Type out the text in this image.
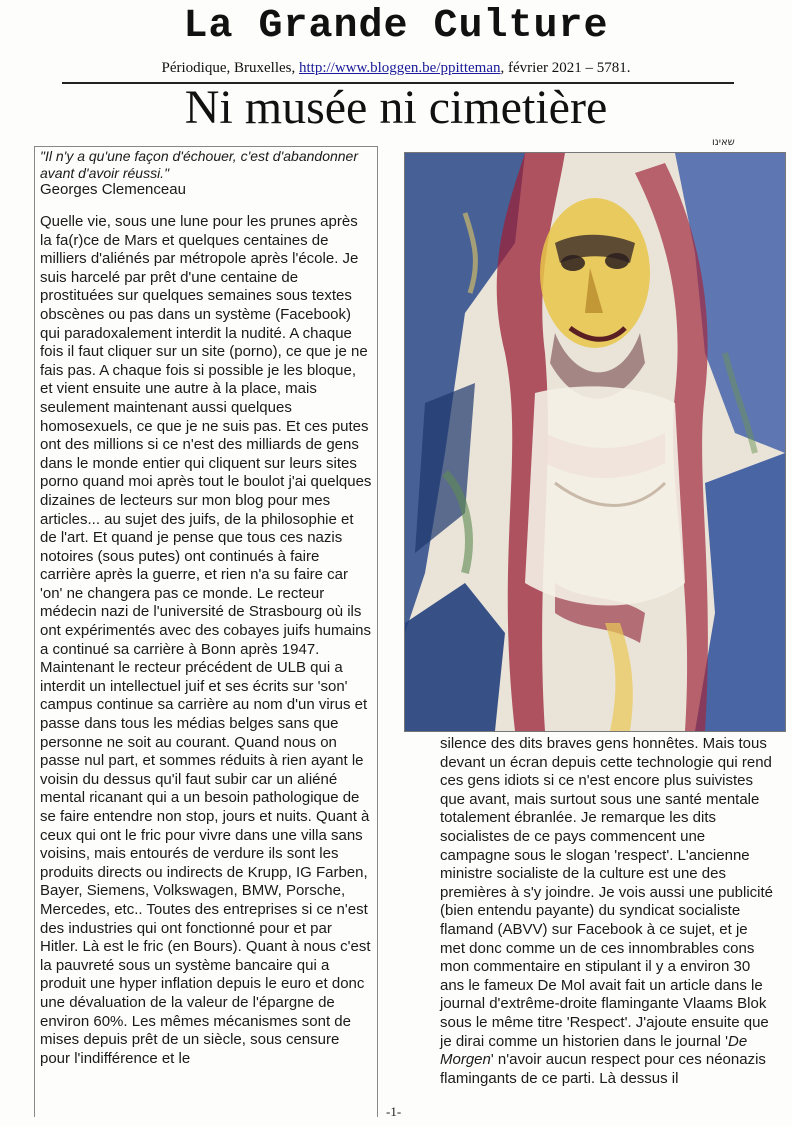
La Grande Culture
Périodique, Bruxelles, http://www.bloggen.be/ppitteman, février 2021 – 5781.
Ni musée ni cimetière
"Il n'y a qu'une façon d'échouer, c'est d'abandonner avant d'avoir réussi."
Georges Clemenceau

Quelle vie, sous une lune pour les prunes après la fa(r)ce de Mars et quelques centaines de milliers d'aliénés par métropole après l'école. Je suis harcelé par prêt d'une centaine de prostituées sur quelques semaines sous textes obscènes ou pas dans un système (Facebook) qui paradoxalement interdit la nudité. A chaque fois il faut cliquer sur un site (porno), ce que je ne fais pas. A chaque fois si possible je les bloque, et vient ensuite une autre à la place, mais seulement maintenant aussi quelques homosexuels, ce que je ne suis pas. Et ces putes ont des millions si ce n'est des milliards de gens dans le monde entier qui cliquent sur leurs sites porno quand moi après tout le boulot j'ai quelques dizaines de lecteurs sur mon blog pour mes articles... au sujet des juifs, de la philosophie et de l'art. Et quand je pense que tous ces nazis notoires (sous putes) ont continués à faire carrière après la guerre, et rien n'a su faire car 'on' ne changera pas ce monde. Le recteur médecin nazi de l'université de Strasbourg où ils ont expérimentés avec des cobayes juifs humains a continué sa carrière à Bonn après 1947. Maintenant le recteur précédent de ULB qui a interdit un intellectuel juif et ses écrits sur 'son' campus continue sa carrière au nom d'un virus et passe dans tous les médias belges sans que personne ne soit au courant. Quand nous on passe nul part, et sommes réduits à rien ayant le voisin du dessus qu'il faut subir car un aliéné mental ricanant qui a un besoin pathologique de se faire entendre non stop, jours et nuits. Quant à ceux qui ont le fric pour vivre dans une villa sans voisins, mais entourés de verdure ils sont les produits directs ou indirects de Krupp, IG Farben, Bayer, Siemens, Volkswagen, BMW, Porsche, Mercedes, etc.. Toutes des entreprises si ce n'est des industries qui ont fonctionné pour et par Hitler. Là est le fric (en Bours). Quant à nous c'est la pauvreté sous un système bancaire qui a produit une hyper inflation depuis le euro et donc une dévaluation de la valeur de l'épargne de environ 60%. Les mêmes mécanismes sont de mises depuis prêt de un siècle, sous censure pour l'indifférence et le

שאינו

silence des dits braves gens honnêtes. Mais tous devant un écran depuis cette technologie qui rend ces gens idiots si ce n'est encore plus suivistes que avant, mais surtout sous une santé mentale totalement ébranlée. Je remarque les dits socialistes de ce pays commencent une campagne sous le slogan 'respect'. L'ancienne ministre socialiste de la culture est une des premières à s'y joindre. Je vois aussi une publicité (bien entendu payante) du syndicat socialiste flamand (ABVV) sur Facebook à ce sujet, et je met donc comme un de ces innombrables cons mon commentaire en stipulant il y a environ 30 ans le fameux De Mol avait fait un article dans le journal d'extrême-droite flamingante Vlaams Blok sous le même titre 'Respect'. J'ajoute ensuite que je dirai comme un historien dans le journal 'De Morgen' n'avoir aucun respect pour ces néonazis flamingants de ce parti. Là dessus il

-1-
